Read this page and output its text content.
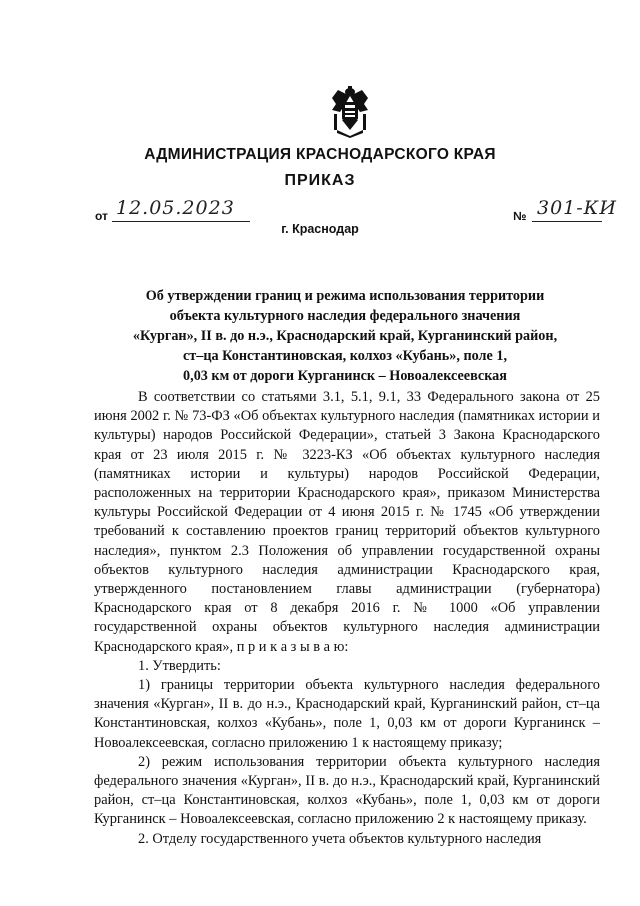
АДМИНИСТРАЦИЯ КРАСНОДАРСКОГО КРАЯ
ПРИКАЗ
от 12.05.2023	№ 301-КИ
г. Краснодар
Об утверждении границ и режима использования территории
объекта культурного наследия федерального значения
«Курган», II в. до н.э., Краснодарский край, Курганинский район,
ст–ца Константиновская, колхоз «Кубань», поле 1,
0,03 км от дороги Курганинск – Новоалексеевская

В соответствии со статьями 3.1, 5.1, 9.1, 33 Федерального закона от 25 июня 2002 г. № 73-ФЗ «Об объектах культурного наследия (памятниках истории и культуры) народов Российской Федерации», статьей 3 Закона Краснодарского края от 23 июля 2015 г. № 3223-КЗ «Об объектах культурного наследия (памятниках истории и культуры) народов Российской Федерации, расположенных на территории Краснодарского края», приказом Министерства культуры Российской Федерации от 4 июня 2015 г. № 1745 «Об утверждении требований к составлению проектов границ территорий объектов культурного наследия», пунктом 2.3 Положения об управлении государственной охраны объектов культурного наследия администрации Краснодарского края, утвержденного постановлением главы администрации (губернатора) Краснодарского края от 8 декабря 2016 г. № 1000 «Об управлении государственной охраны объектов культурного наследия администрации Краснодарского края», п р и к а з ы в а ю:

1. Утвердить:

1) границы территории объекта культурного наследия федерального значения «Курган», II в. до н.э., Краснодарский край, Курганинский район, ст–ца Константиновская, колхоз «Кубань», поле 1, 0,03 км от дороги Курганинск – Новоалексеевская, согласно приложению 1 к настоящему приказу;

2) режим использования территории объекта культурного наследия федерального значения «Курган», II в. до н.э., Краснодарский край, Курганинский район, ст–ца Константиновская, колхоз «Кубань», поле 1, 0,03 км от дороги Курганинск – Новоалексеевская, согласно приложению 2 к настоящему приказу.

2. Отделу государственного учета объектов культурного наследия
